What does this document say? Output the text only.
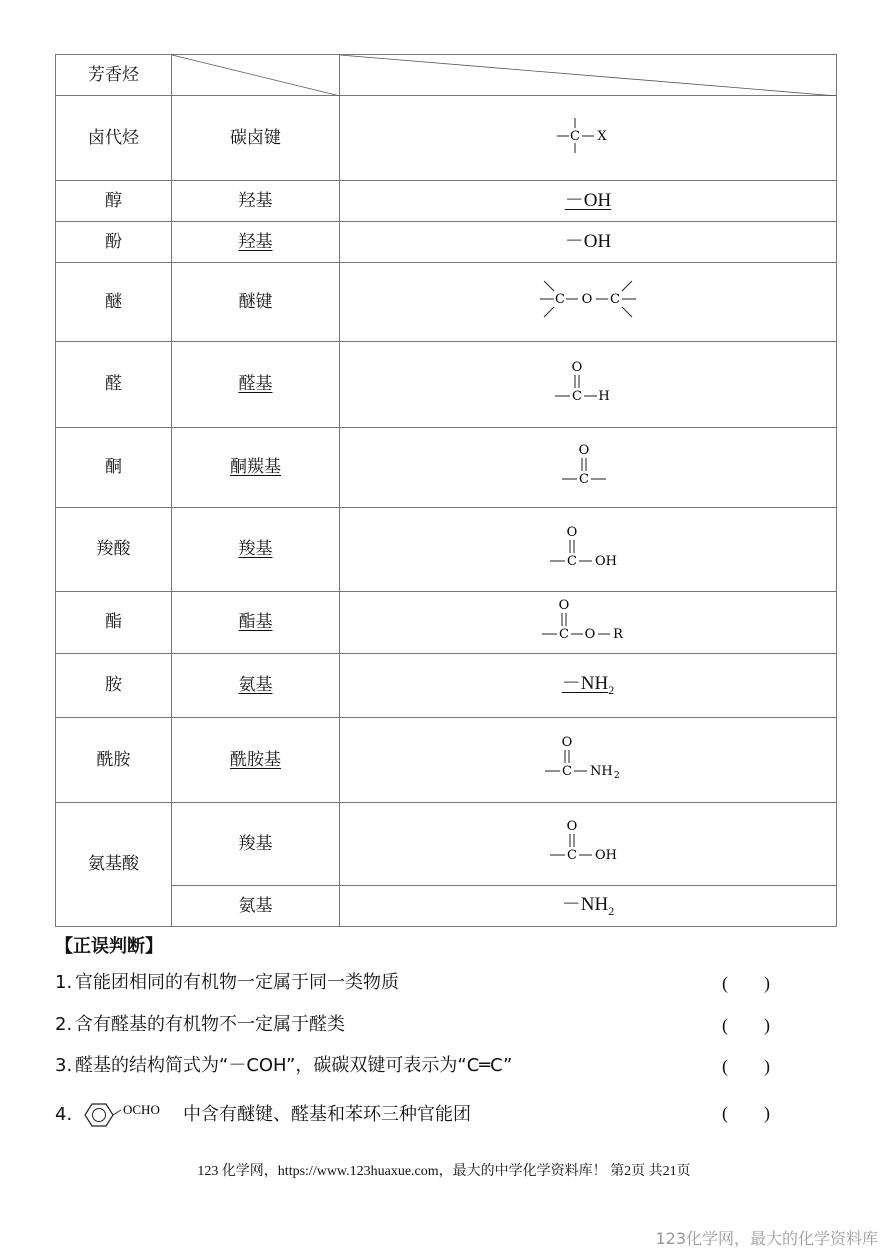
芳香烃	

卤代烃	碳卤键	C X

醇	羟基	－OH
酚	羟基	－OH
醚	醚键	C O C

醛	醛基	O
C H

酮	酮羰基	O
C

羧酸	羧基	O
C OH

酯	酯基	O
C O R

胺	氨基	$-NH_2$
酰胺	酰胺基	O
C NH 2

氨基酸	羧基	O
C OH

	氨基	$-NH_2$
【正误判断】
1. 官能团相同的有机物一定属于同一类物质	(        )
2. 含有醛基的有机物不一定属于醛类	(        )
3. 醛基的结构简式为“－COH”，碳碳双键可表示为“C═C”	(        )
4.	OCHO 中含有醚键、醛基和苯环三种官能团	(        )
123 化学网，https://www.123huaxue.com，最大的中学化学资料库！ 第2页 共21页
123化学网，最大的化学资料库
